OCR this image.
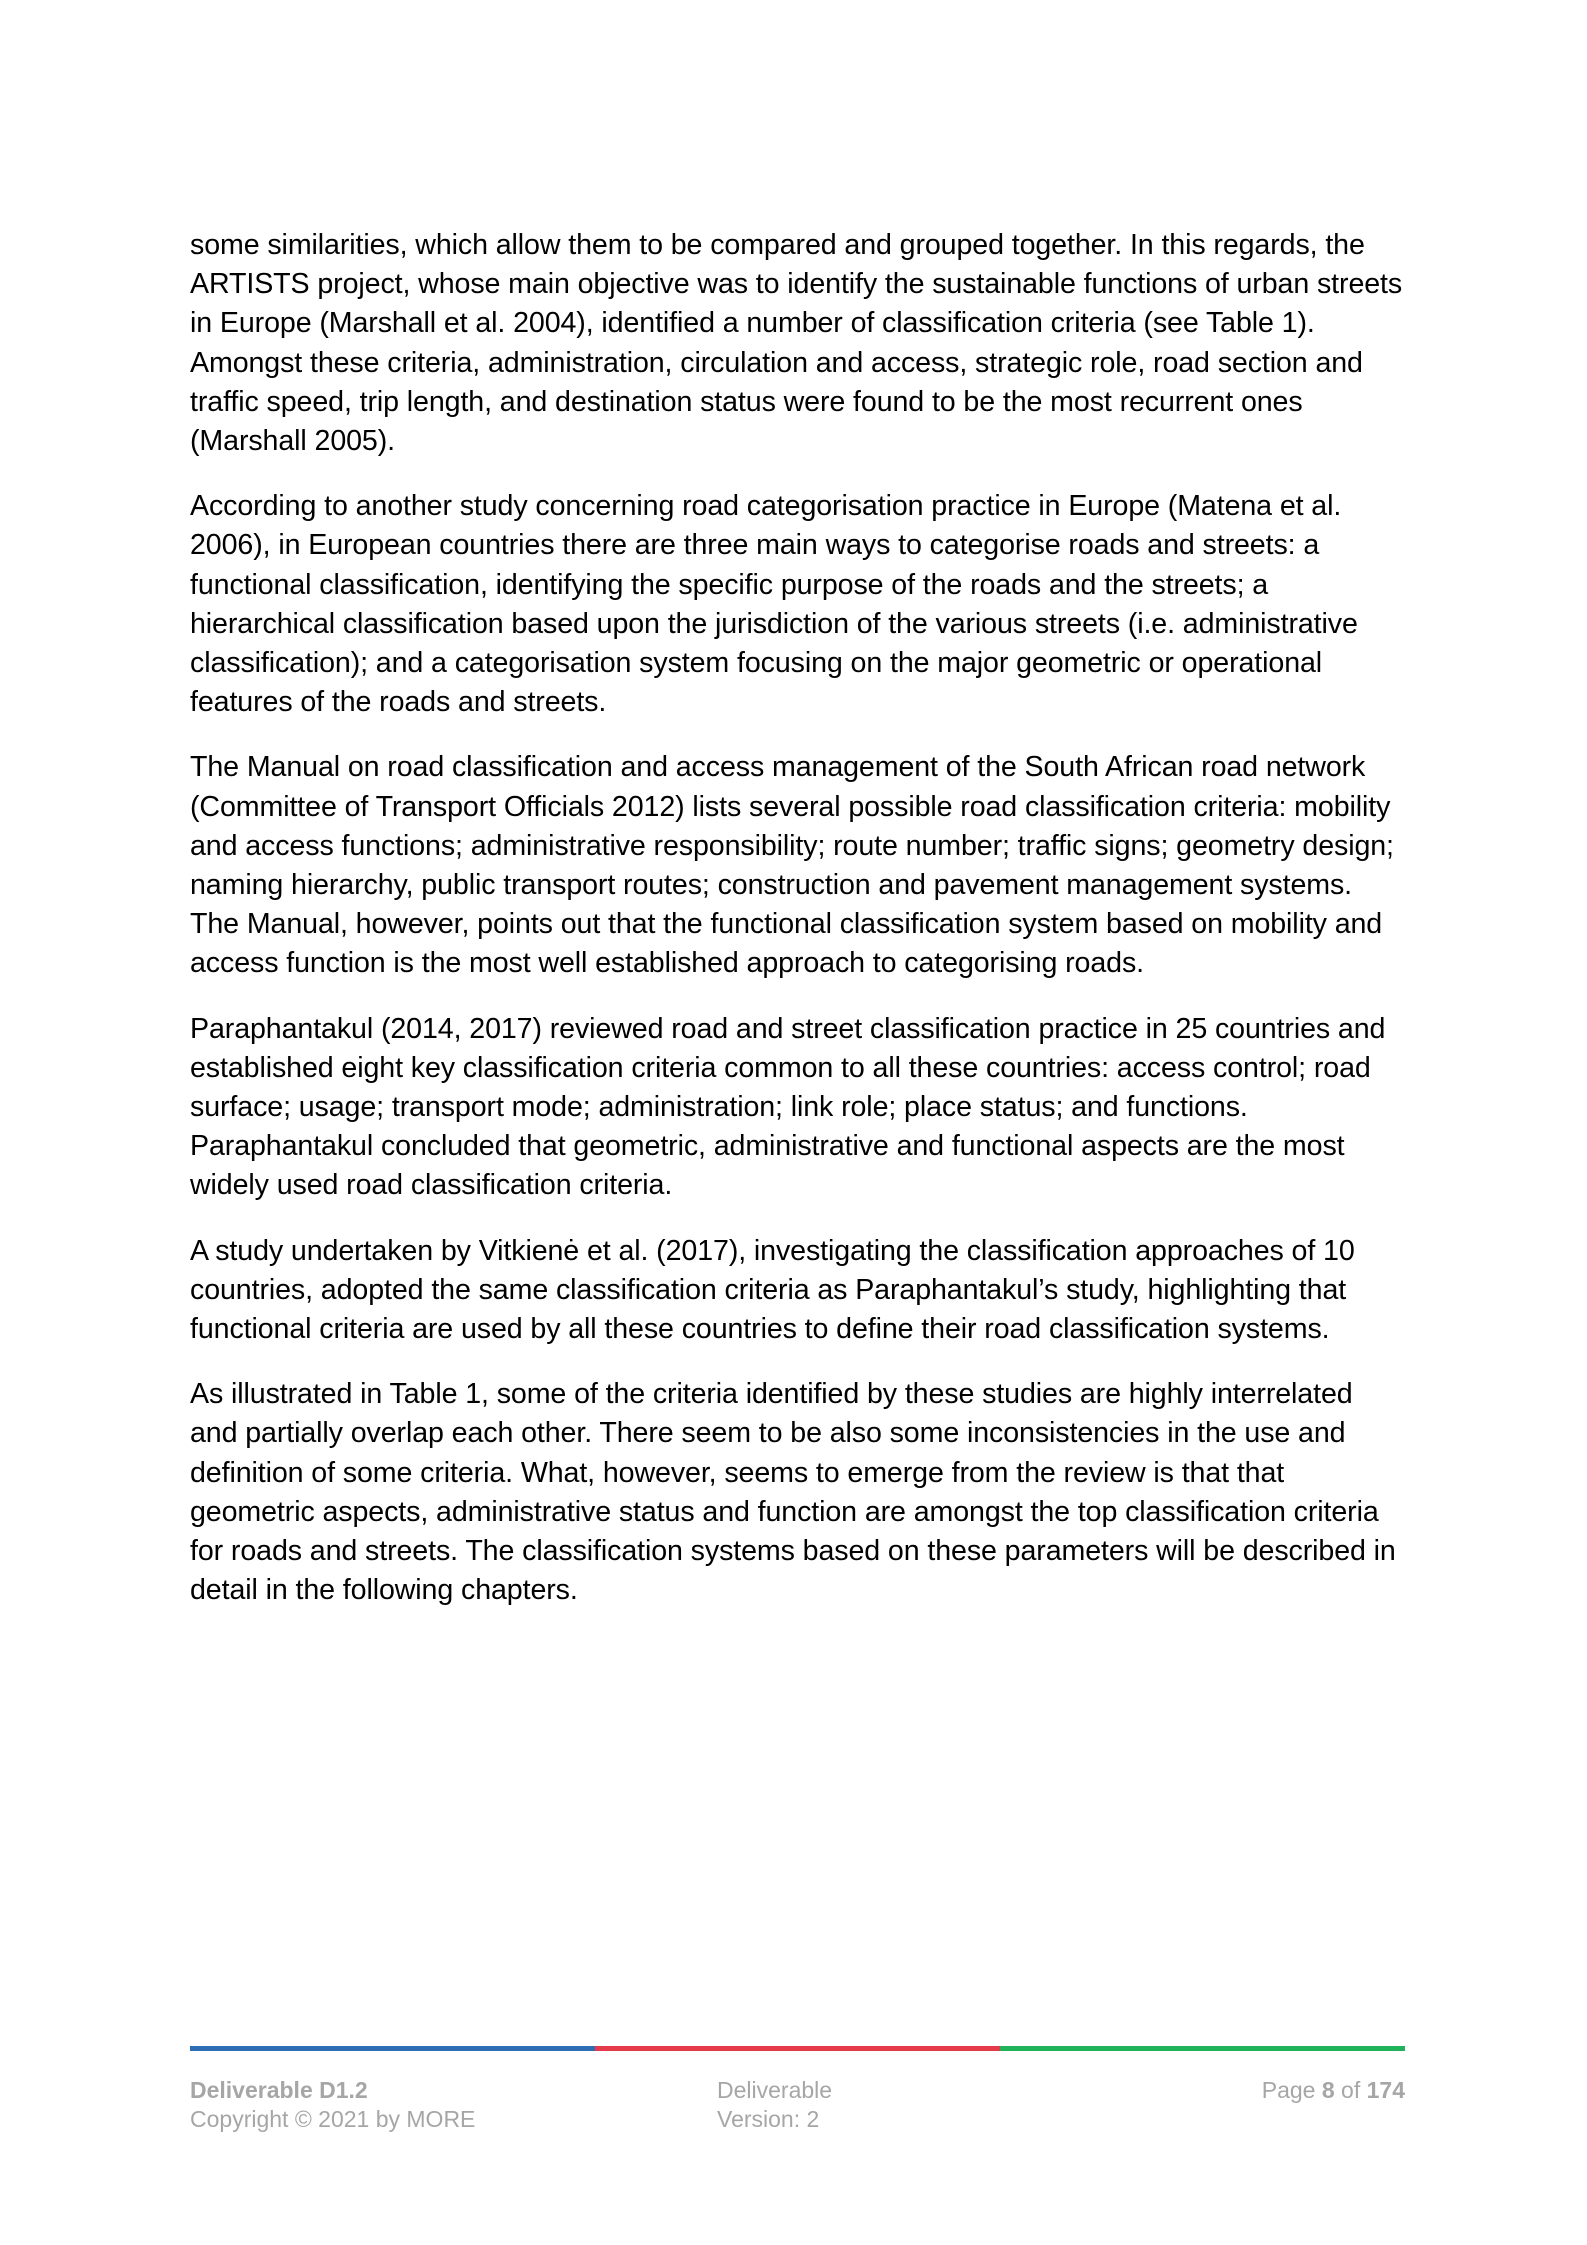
some similarities, which allow them to be compared and grouped together. In this regards, the ARTISTS project, whose main objective was to identify the sustainable functions of urban streets in Europe (Marshall et al. 2004), identified a number of classification criteria (see Table 1). Amongst these criteria, administration, circulation and access, strategic role, road section and traffic speed, trip length, and destination status were found to be the most recurrent ones (Marshall 2005).

According to another study concerning road categorisation practice in Europe (Matena et al. 2006), in European countries there are three main ways to categorise roads and streets: a functional classification, identifying the specific purpose of the roads and the streets; a hierarchical classification based upon the jurisdiction of the various streets (i.e. administrative classification); and a categorisation system focusing on the major geometric or operational features of the roads and streets.

The Manual on road classification and access management of the South African road network (Committee of Transport Officials 2012) lists several possible road classification criteria: mobility and access functions; administrative responsibility; route number; traffic signs; geometry design; naming hierarchy, public transport routes; construction and pavement management systems. The Manual, however, points out that the functional classification system based on mobility and access function is the most well established approach to categorising roads.

Paraphantakul (2014, 2017) reviewed road and street classification practice in 25 countries and established eight key classification criteria common to all these countries: access control; road surface; usage; transport mode; administration; link role; place status; and functions. Paraphantakul concluded that geometric, administrative and functional aspects are the most widely used road classification criteria.

A study undertaken by Vitkienė et al. (2017), investigating the classification approaches of 10 countries, adopted the same classification criteria as Paraphantakul’s study, highlighting that functional criteria are used by all these countries to define their road classification systems.

As illustrated in Table 1, some of the criteria identified by these studies are highly interrelated and partially overlap each other. There seem to be also some inconsistencies in the use and definition of some criteria. What, however, seems to emerge from the review is that that geometric aspects, administrative status and function are amongst the top classification criteria for roads and streets. The classification systems based on these parameters will be described in detail in the following chapters.

Deliverable D1.2
Copyright © 2021 by MORE
Deliverable
Version: 2
Page 8 of 174
